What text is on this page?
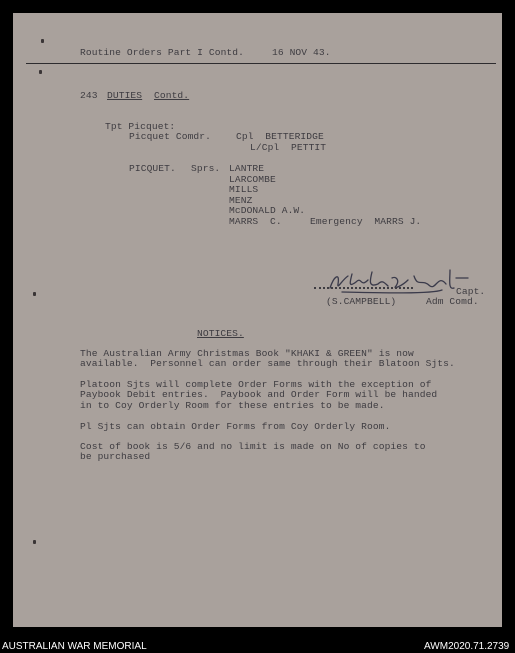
Routine Orders Part I Contd.	16 NOV 43.
243 DUTIES Contd.
Tpt Picquet:
Picquet Comdr.	Cpl  BETTERIDGE
L/Cpl  PETTIT
PICQUET. Sprs. LANTRE
LARCOMBE
MILLS
MENZ
McDONALD A.W.
MARRS  C.	Emergency  MARRS J.
Capt.
(S.CAMPBELL)	Adm Comd.
NOTICES.
The Australian Army Christmas Book "KHAKI & GREEN" is now
available.  Personnel can order same through their Blatoon Sjts.
Platoon Sjts will complete Order Forms with the exception of
Paybook Debit entries.  Paybook and Order Form will be handed
in to Coy Orderly Room for these entries to be made.
Pl Sjts can obtain Order Forms from Coy Orderly Room.
Cost of book is 5/6 and no limit is made on No of copies to
be purchased
AUSTRALIAN WAR MEMORIAL	AWM2020.71.2739
